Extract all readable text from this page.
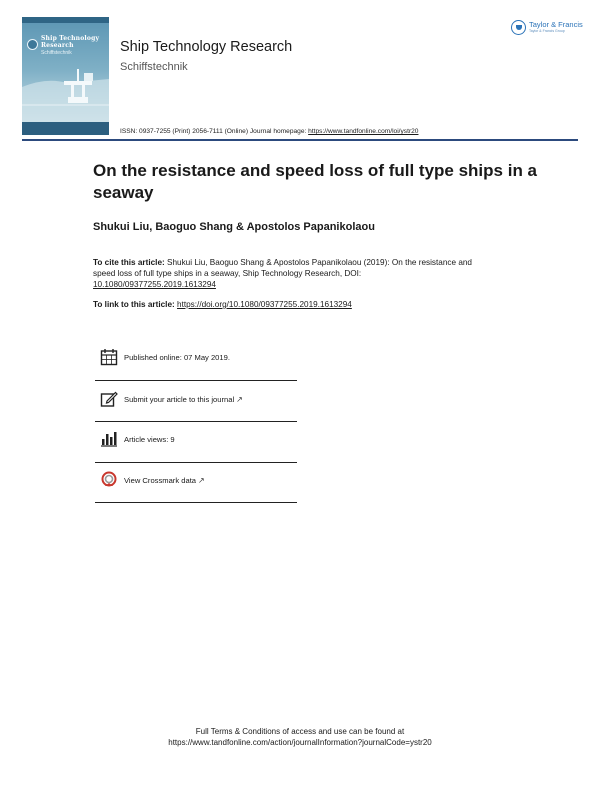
Ship Technology Research
Schiffstechnik	Ship Technology Research
Schiffstechnik
ISSN: 0937-7255 (Print) 2056-7111 (Online) Journal homepage: https://www.tandfonline.com/loi/ystr20
Taylor & Francis
Taylor & Francis Group
On the resistance and speed loss of full type ships in a seaway
Shukui Liu, Baoguo Shang & Apostolos Papanikolaou
To cite this article: Shukui Liu, Baoguo Shang & Apostolos Papanikolaou (2019): On the resistance and speed loss of full type ships in a seaway, Ship Technology Research, DOI: 10.1080/09377255.2019.1613294
To link to this article: https://doi.org/10.1080/09377255.2019.1613294
Published online: 07 May 2019.
Submit your article to this journal ↗
Article views: 9
View Crossmark data ↗
Full Terms & Conditions of access and use can be found at
https://www.tandfonline.com/action/journalInformation?journalCode=ystr20
